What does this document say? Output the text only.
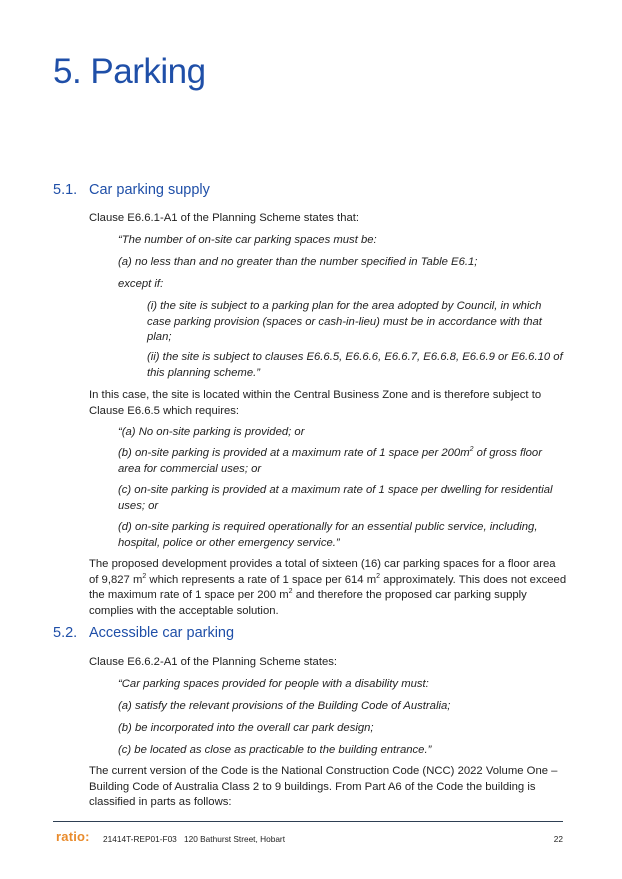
5. Parking
5.1. Car parking supply

Clause E6.6.1-A1 of the Planning Scheme states that:

“The number of on-site car parking spaces must be:

(a) no less than and no greater than the number specified in Table E6.1;

except if:

(i) the site is subject to a parking plan for the area adopted by Council, in which case parking provision (spaces or cash-in-lieu) must be in accordance with that plan;

(ii) the site is subject to clauses E6.6.5, E6.6.6, E6.6.7, E6.6.8, E6.6.9 or E6.6.10 of this planning scheme.”

In this case, the site is located within the Central Business Zone and is therefore subject to Clause E6.6.5 which requires:

“(a) No on-site parking is provided; or

(b) on-site parking is provided at a maximum rate of 1 space per $200m^2$ of gross floor area for commercial uses; or

(c) on-site parking is provided at a maximum rate of 1 space per dwelling for residential uses; or

(d) on-site parking is required operationally for an essential public service, including, hospital, police or other emergency service.”

The proposed development provides a total of sixteen (16) car parking spaces for a floor area of 9,827 $m^2$ which represents a rate of 1 space per 614 $m^2$ approximately. This does not exceed the maximum rate of 1 space per 200 $m^2$ and therefore the proposed car parking supply complies with the acceptable solution.

5.2. Accessible car parking

Clause E6.6.2-A1 of the Planning Scheme states:

“Car parking spaces provided for people with a disability must:

(a) satisfy the relevant provisions of the Building Code of Australia;

(b) be incorporated into the overall car park design;

(c) be located as close as practicable to the building entrance.”

The current version of the Code is the National Construction Code (NCC) 2022 Volume One – Building Code of Australia Class 2 to 9 buildings. From Part A6 of the Code the building is classified in parts as follows:

ratio: 21414T-REP01-F03 120 Bathurst Street, Hobart	22
